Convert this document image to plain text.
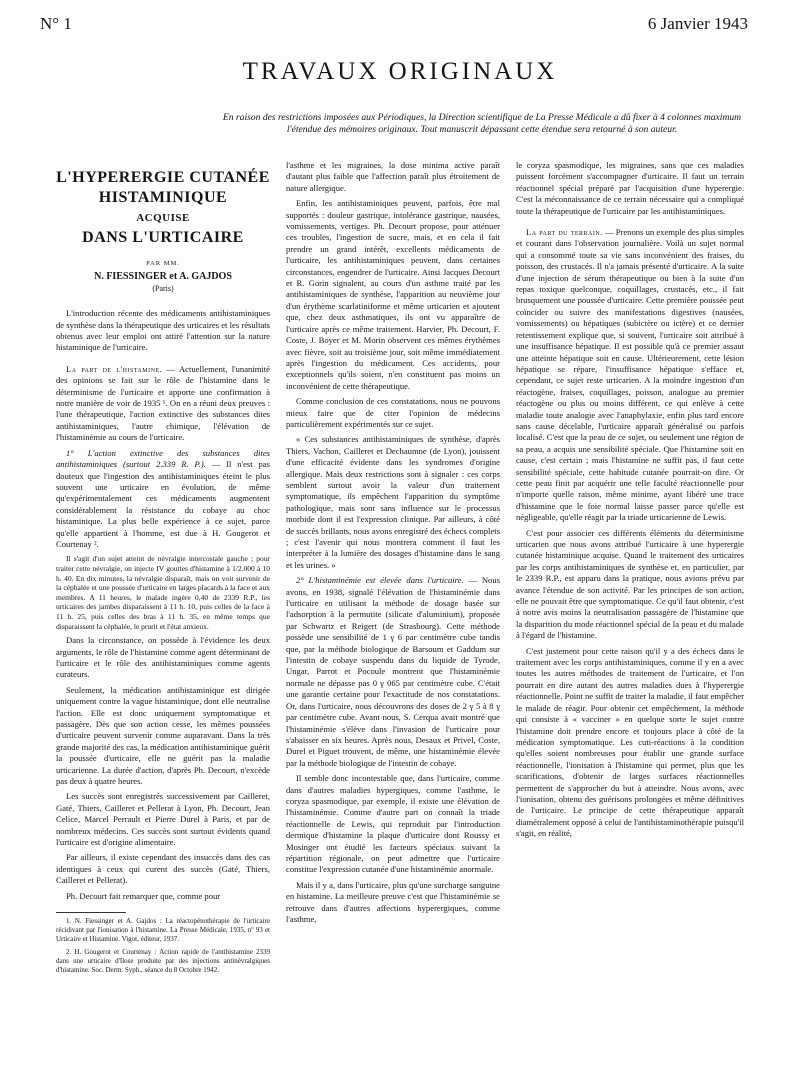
N° 1	6 Janvier 1943
TRAVAUX ORIGINAUX
En raison des restrictions imposées aux Périodiques, la Direction scientifique de La Presse Médicale a dû fixer à 4 colonnes maximum l'étendue des mémoires originaux. Tout manuscrit dépassant cette étendue sera retourné à son auteur.
L'HYPERERGIE CUTANÉE
HISTAMINIQUE
ACQUISE
DANS L'URTICAIRE
PAR MM.
N. FIESSINGER et A. GAJDOS
(Paris)

L'introduction récente des médicaments antihistaminiques de synthèse dans la thérapeutique des urticaires et les résultats obtenus avec leur emploi ont attiré l'attention sur la nature histaminique de l'urticaire.

La part de l'histamine. — Actuellement, l'unanimité des opinions se fait sur le rôle de l'histamine dans le déterminisme de l'urticaire et apporte une confirmation à notre manière de voir de 1935 ¹. On en a réuni deux preuves : l'une thérapeutique, l'action extinctive des substances dites antihistaminiques, l'autre chimique, l'élévation de l'histaminémie au cours de l'urticaire.

1° L'action extinctive des substances dites antihistaminiques (surtout 2.339 R. P.). — Il n'est pas douteux que l'ingestion des antihistaminiques éteint le plus souvent une urticaire en évolution, de même qu'expérimentalement ces médicaments augmentent considérablement la résistance du cobaye au choc histaminique. La plus belle expérience à ce sujet, parce qu'elle appartient à l'homme, est due à H. Gougerot et Courtenay ².

Il s'agit d'un sujet atteint de névralgie intercostale gauche ; pour traiter cette névralgie, on injecte IV gouttes d'histamine à 1/2.000 à 10 h. 40. En dix minutes, la névralgie disparaît, mais on voit survenir de la céphalée et une poussée d'urticaire en larges placards à la face et aux membres. A 11 heures, le malade ingère 0,40 de 2339 R.P., les urticaires des jambes disparaissent à 11 h. 10, puis celles de la face à 11 h. 25, puis celles des bras à 11 h. 35, en même temps que disparaissent la céphalée, le prurit et l'état anxieux.

Dans la circonstance, on possède à l'évidence les deux arguments, le rôle de l'histamine comme agent déterminant de l'urticaire et le rôle des antihistaminiques comme agents curateurs.

Seulement, la médication antihistaminique est dirigée uniquement contre la vague histaminique, dont elle neutralise l'action. Elle est donc uniquement symptomatique et passagère. Dès que son action cesse, les mêmes poussées d'urticaire peuvent survenir comme auparavant. Dans la très grande majorité des cas, la médication antihistaminique guérit la poussée d'urticaire, elle ne guérit pas la maladie urticarienne. La durée d'action, d'après Ph. Decourt, n'excède pas deux à quatre heures.

Les succès sont enregistrés successivement par Cailleret, Gaté, Thiers, Cailleret et Pellerat à Lyon, Ph. Decourt, Jean Celice, Marcel Perrault et Pierre Durel à Paris, et par de nombreux médecins. Ces succès sont surtout évidents quand l'urticaire est d'origine alimentaire.

Par ailleurs, il existe cependant des insuccès dans des cas identiques à ceux qui curent des succès (Gaté, Thiers, Cailleret et Pellerat).

Ph. Decourt fait remarquer que, comme pour

1. N. Fiessinger et A. Gajdos : La réactopénothérapie de l'urticaire récidivant par l'ionisation à l'histamine. La Presse Médicale, 1935, nº 93 et Urticaire et Histamine. Vigot, éditeur, 1937.

2. H. Gougerot et Courtenay : Action rapide de l'antihistamine 2339 dans une urticaire d'Ilose produite par des injections antinévralgiques d'histamine. Soc. Derm. Syph., séance du 8 Octobre 1942.

l'asthme et les migraines, la dose minima active paraît d'autant plus faible que l'affection paraît plus étroitement de nature allergique.

Enfin, les antihistaminiques peuvent, parfois, être mal supportés : douleur gastrique, intolérance gastrique, nausées, vomissements, vertiges. Ph. Decourt propose, pour atténuer ces troubles, l'ingestion de sucre, mais, et en cela il fait prendre un grand intérêt, excellents médicaments de l'urticaire, les antihistaminiques peuvent, dans certaines circonstances, engendrer de l'urticaire. Ainsi Jacques Decourt et R. Gorin signalent, au cours d'un asthme traité par les antihistaminiques de synthèse, l'apparition au neuvième jour d'un érythème scarlatiniforme et même urticarien et ajoutent que, chez deux asthmatiques, ils ont vu apparaître de l'urticaire après ce même traitement. Harvier, Ph. Decourt, F. Coste, J. Boyer et M. Morin observent ces mêmes érythèmes avec fièvre, soit au troisième jour, soit même immédiatement après l'ingestion du médicament. Ces accidents, pour exceptionnels qu'ils soient, n'en constituent pas moins un inconvénient de cette thérapeutique.

Comme conclusion de ces constatations, nous ne pouvons mieux faire que de citer l'opinion de médecins particulièrement expérimentés sur ce sujet.

« Ces substances antihistaminiques de synthèse, d'après Thiers, Vachon, Cailleret et Dechaumne (de Lyon), jouissent d'une efficacité évidente dans les syndromes d'origine allergique. Mais deux restrictions sont à signaler : ces corps semblent surtout avoir la valeur d'un traitement symptomatique, ils empêchent l'apparition du symptôme pathologique, mais sont sans influence sur le processus morbide dont il est l'expression clinique. Par ailleurs, à côté de succès brillants, nous avons enregistré des échecs complets ; c'est l'avenir qui nous montrera comment il faut les interpréter à la lumière des dosages d'histamine dans le sang et les urines. »

2° L'histaminémie est élevée dans l'urticaire. — Nous avons, en 1938, signalé l'élévation de l'histaminémie dans l'urticaire en utilisant la méthode de dosage basée sur l'adsorption à la permutite (silicate d'aluminium), proposée par Schwartz et Reigert (de Strasbourg). Cette méthode possède une sensibilité de 1 γ 6 par centimètre cube tandis que, par la méthode biologique de Barsoum et Gaddum sur l'intestin de cobaye suspendu dans du liquide de Tyrode, Ungar, Parrot et Pocoule montrent que l'histaminémie normale ne dépasse pas 0 γ 065 par centimètre cube. C'était une garantie certaine pour l'exactitude de nos constatations. Or, dans l'urticaire, nous découvrons des doses de 2 γ 5 à 8 γ par centimètre cube. Avant nous, S. Cerqua avait montré que l'histaminémie s'élève dans l'invasion de l'urticaire pour s'abaisser en six heures. Après nous, Desaux et Privel, Coste, Durel et Piguet trouvent, de même, une histaminémie élevée par la méthode biologique de l'intestin de cobaye.

Il semble donc incontestable que, dans l'urticaire, comme dans d'autres maladies hypergiques, comme l'asthme, le coryza spasmodique, par exemple, il existe une élévation de l'histaminémie. Comme d'autre part on connaît la triade réactionnelle de Lewis, qui reproduit par l'introduction dermique d'histamine la plaque d'urticaire dont Roussy et Mosinger ont étudié les facteurs spéciaux suivant la répartition régionale, on peut admettre que l'urticaire constitue l'expression cutanée d'une histaminémie anormale.

Mais il y a, dans l'urticaire, plus qu'une surcharge sanguine en histamine. La meilleure preuve c'est que l'histaminémie se retrouve dans d'autres affections hyperergiques, comme l'asthme,

le coryza spasmodique, les migraines, sans que ces maladies puissent forcément s'accompagner d'urticaire. Il faut un terrain réactionnel spécial préparé par l'acquisition d'une hyperergie. C'est la méconnaissance de ce terrain nécessaire qui a compliqué toute la thérapeutique de l'urticaire par les antihistaminiques.

La part du terrain. — Prenons un exemple des plus simples et courant dans l'observation journalière. Voilà un sujet normal qui a consommé toute sa vie sans inconvénient des fraises, du poisson, des crustacés. Il n'a jamais présenté d'urticaire. A la suite d'une injection de sérum thérapeutique ou bien à la suite d'un repas toxique quelconque, coquillages, crustacés, etc., il fait brusquement une poussée d'urticaire. Cette première poussée peut coïncider ou suivre des manifestations digestives (nausées, vomissements) ou hépatiques (subictère ou ictère) et ce dernier retentissement explique que, si souvent, l'urticaire soit attribué à une insuffisance hépatique. Il est possible qu'à ce premier assaut une atteinte hépatique soit en cause. Ultérieurement, cette lésion hépatique se répare, l'insuffisance hépatique s'efface et, cependant, ce sujet reste urticarien. A la moindre ingestion d'un réactogène, fraises, coquillages, poisson, analogue au premier réactogène ou plus ou moins différent, ce qui enlève à cette maladie toute analogie avec l'anaphylaxie, enfin plus tard encore sans cause décelable, l'urticaire apparaît généralisé ou parfois localisé. C'est que la peau de ce sujet, ou seulement une région de sa peau, a acquis une sensibilité spéciale. Que l'histamine soit en cause, c'est certain ; mais l'histamine ne suffit pas, il faut cette sensibilité spéciale, cette habitude cutanée pourrait-on dire. Or cette peau finit par acquérir une telle faculté réactionnelle pour n'importe quelle raison, même minime, ayant libéré une trace d'histamine que le foie normal laisse passer parce qu'elle est négligeable, qu'elle réagit par la triade urticarienne de Lewis.

C'est pour associer ces différents éléments du déterminisme urticarien que nous avons attribué l'urticaire à une hyperergie cutanée histaminique acquise. Quand le traitement des urticaires par les corps antihistaminiques de synthèse et, en particulier, par le 2339 R.P., est apparu dans la pratique, nous avions prévu par avance l'étendue de son activité. Par les principes de son action, elle ne pouvait être que symptomatique. Ce qu'il faut obtenir, c'est à notre avis moins la neutralisation passagère de l'histamine que la disparition du mode réactionnel spécial de la peau et du malade à l'égard de l'histamine.

C'est justement pour cette raison qu'il y a des échecs dans le traitement avec les corps antihistaminiques, comme il y en a avec toutes les autres méthodes de traitement de l'urticaire, et l'on pourrait en dire autant des autres maladies dues à l'hyperergie réactionnelle. Point ne suffit de traiter la maladie, il faut empêcher le malade de réagir. Pour obtenir cet empêchement, la méthode qui consiste à « vacciner » en quelque sorte le sujet contre l'histamine doit prendre encore et toujours place à côté de la médication symptomatique. Les cuti-réactions à la condition qu'elles soient nombreuses pour établir une grande surface réactionnelle, l'ionisation à l'histamine qui permet, plus que les scarifications, d'obtenir de larges surfaces réactionnelles permettent de s'approcher du but à atteindre. Nous avons, avec l'ionisation, obtenu des guérisons prolongées et même définitives de l'urticaire. Le principe de cette thérapeutique apparaît diamétralement opposé à celui de l'antihistaminothérapie puisqu'il s'agit, en réalité,
